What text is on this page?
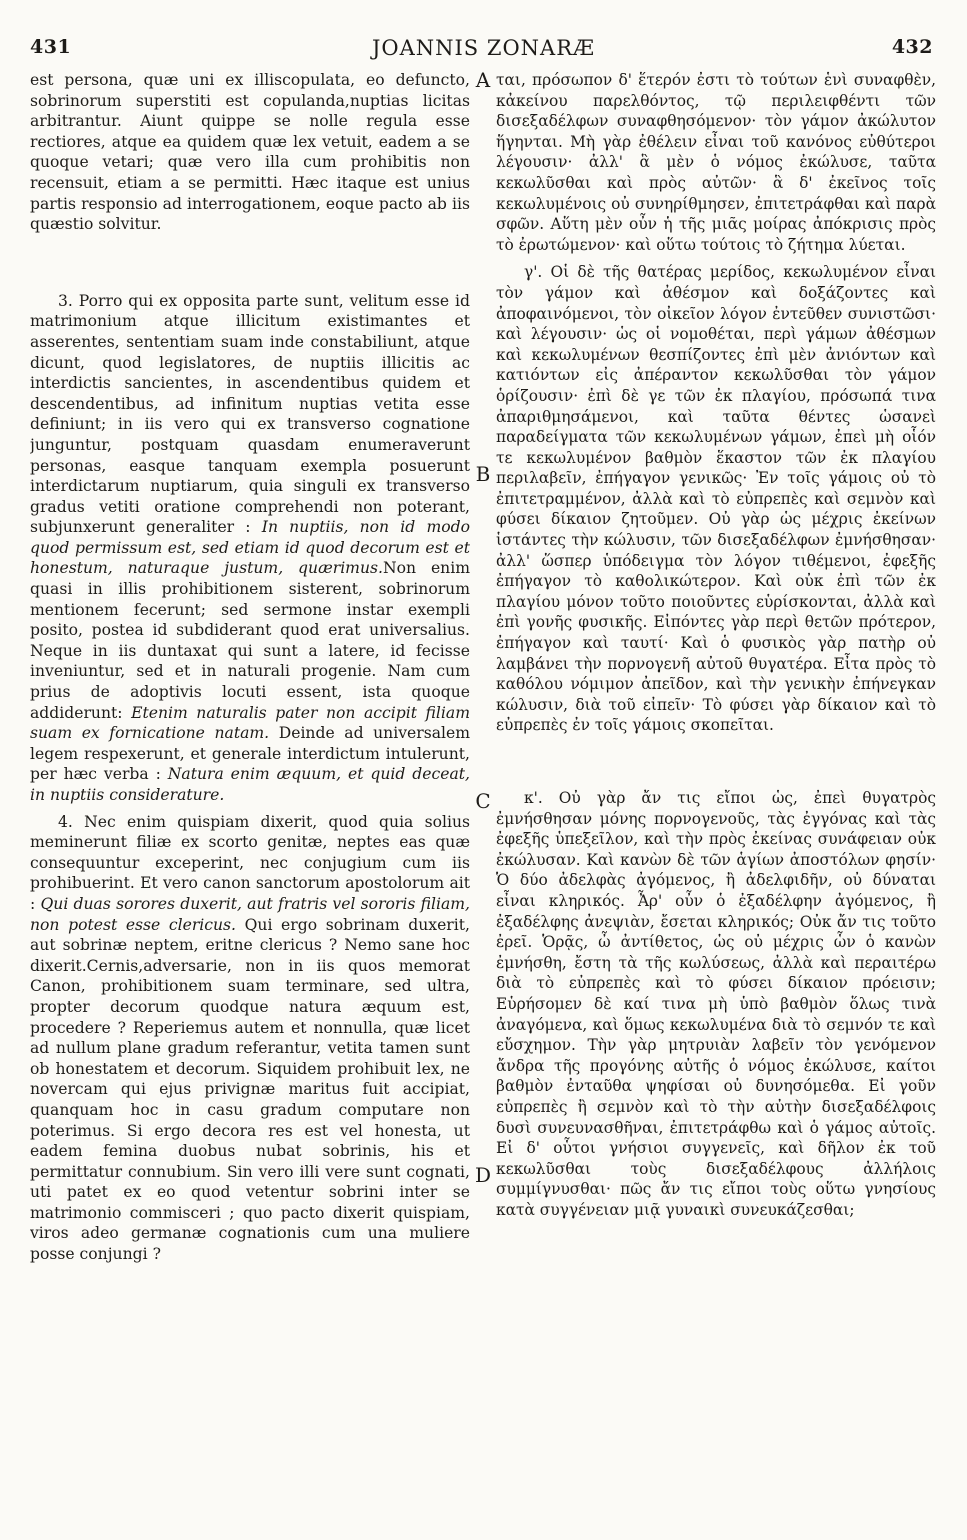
431	JOANNIS ZONARÆ	432

est persona, quæ uni ex illiscopulata, eo defuncto, sobrinorum superstiti est copulanda,nuptias licitas arbitrantur. Aiunt quippe se nolle regula esse rectiores, atque ea quidem quæ lex vetuit, eadem a se quoque vetari; quæ vero illa cum prohibitis non recensuit, etiam a se permitti. Hæc itaque est unius partis responsio ad interrogationem, eoque pacto ab iis quæstio solvitur.

3. Porro qui ex opposita parte sunt, velitum esse id matrimonium atque illicitum existimantes et asserentes, sententiam suam inde constabiliunt, atque dicunt, quod legislatores, de nuptiis illicitis ac interdictis sancientes, in ascendentibus quidem et descendentibus, ad infinitum nuptias vetita esse definiunt; in iis vero qui ex transverso cognatione junguntur, postquam quasdam enumeraverunt personas, easque tanquam exempla posuerunt interdictarum nuptiarum, quia singuli ex transverso gradus vetiti oratione comprehendi non poterant, subjunxerunt generaliter : In nuptiis, non id modo quod permissum est, sed etiam id quod decorum est et honestum, naturaque justum, quærimus.Non enim quasi in illis prohibitionem sisterent, sobrinorum mentionem fecerunt; sed sermone instar exempli posito, postea id subdiderant quod erat universalius. Neque in iis duntaxat qui sunt a latere, id fecisse inveniuntur, sed et in naturali progenie. Nam cum prius de adoptivis locuti essent, ista quoque addiderunt: Etenim naturalis pater non accipit filiam suam ex fornicatione natam. Deinde ad universalem legem respexerunt, et generale interdictum intulerunt, per hæc verba : Natura enim æquum, et quid deceat, in nuptiis considerature.

4. Nec enim quispiam dixerit, quod quia solius meminerunt filiæ ex scorto genitæ, neptes eas quæ consequuntur exceperint, nec conjugium cum iis prohibuerint. Et vero canon sanctorum apostolorum ait : Qui duas sorores duxerit, aut fratris vel sororis filiam, non potest esse clericus. Qui ergo sobrinam duxerit, aut sobrinæ neptem, eritne clericus ? Nemo sane hoc dixerit.Cernis,adversarie, non in iis quos memorat Canon, prohibitionem suam terminare, sed ultra, propter decorum quodque natura æquum est, procedere ? Reperiemus autem et nonnulla, quæ licet ad nullum plane gradum referantur, vetita tamen sunt ob honestatem et decorum. Siquidem prohibuit lex, ne novercam qui ejus privignæ maritus fuit accipiat, quanquam hoc in casu gradum computare non poterimus. Si ergo decora res est vel honesta, ut eadem femina duobus nubat sobrinis, his et permittatur connubium. Sin vero illi vere sunt cognati, uti patet ex eo quod vetentur sobrini inter se matrimonio commisceri ; quo pacto dixerit quispiam, viros adeo germanæ cognationis cum una muliere posse conjungi ?

A
B
C
D

ται, πρόσωπον δ' ἕτερόν ἐστι τὸ τούτων ἑνὶ συναφθὲν, κἀκείνου παρελθόντος, τῷ περιλειφθέντι τῶν δισεξαδέλφων συναφθησόμενον· τὸν γάμον ἀκώλυτον ἥγηνται. Μὴ γὰρ ἐθέλειν εἶναι τοῦ κανόνος εὐθύτεροι λέγουσιν· ἀλλ' ἃ μὲν ὁ νόμος ἐκώλυσε, ταῦτα κεκωλῦσθαι καὶ πρὸς αὐτῶν· ἃ δ' ἐκεῖνος τοῖς κεκωλυμένοις οὐ συνηρίθμησεν, ἐπιτετράφθαι καὶ παρὰ σφῶν. Αὕτη μὲν οὖν ἡ τῆς μιᾶς μοίρας ἀπόκρισις πρὸς τὸ ἐρωτώμενον· καὶ οὕτω τούτοις τὸ ζήτημα λύεται.

γ'. Οἱ δὲ τῆς θατέρας μερίδος, κεκωλυμένον εἶναι τὸν γάμον καὶ ἀθέσμον καὶ δοξάζοντες καὶ ἀποφαινόμενοι, τὸν οἰκεῖον λόγον ἐντεῦθεν συνιστῶσι· καὶ λέγουσιν· ὡς οἱ νομοθέται, περὶ γάμων ἀθέσμων καὶ κεκωλυμένων θεσπίζοντες ἐπὶ μὲν ἀνιόντων καὶ κατιόντων εἰς ἀπέραντον κεκωλῦσθαι τὸν γάμον ὁρίζουσιν· ἐπὶ δὲ γε τῶν ἐκ πλαγίου, πρόσωπά τινα ἀπαριθμησάμενοι, καὶ ταῦτα θέντες ὡσανεὶ παραδείγματα τῶν κεκωλυμένων γάμων, ἐπεὶ μὴ οἷόν τε κεκωλυμένον βαθμὸν ἕκαστον τῶν ἐκ πλαγίου περιλαβεῖν, ἐπήγαγον γενικῶς· Ἐν τοῖς γάμοις οὐ τὸ ἐπιτετραμμένον, ἀλλὰ καὶ τὸ εὐπρεπὲς καὶ σεμνὸν καὶ φύσει δίκαιον ζητοῦμεν. Οὐ γὰρ ὡς μέχρις ἐκείνων ἱστάντες τὴν κώλυσιν, τῶν δισεξαδέλφων ἐμνήσθησαν· ἀλλ' ὥσπερ ὑπόδειγμα τὸν λόγον τιθέμενοι, ἐφεξῆς ἐπήγαγον τὸ καθολικώτερον. Καὶ οὐκ ἐπὶ τῶν ἐκ πλαγίου μόνον τοῦτο ποιοῦντες εὑρίσκονται, ἀλλὰ καὶ ἐπὶ γονῆς φυσικῆς. Εἰπόντες γὰρ περὶ θετῶν πρότερον, ἐπήγαγον καὶ ταυτί· Καὶ ὁ φυσικὸς γὰρ πατὴρ οὐ λαμβάνει τὴν πορνογενῆ αὐτοῦ θυγατέρα. Εἶτα πρὸς τὸ καθόλου νόμιμον ἀπεῖδον, καὶ τὴν γενικὴν ἐπήνεγκαν κώλυσιν, διὰ τοῦ εἰπεῖν· Τὸ φύσει γὰρ δίκαιον καὶ τὸ εὐπρεπὲς ἐν τοῖς γάμοις σκοπεῖται.

κ'. Οὐ γὰρ ἄν τις εἴποι ὡς, ἐπεὶ θυγατρὸς ἐμνήσθησαν μόνης πορνογενοῦς, τὰς ἐγγόνας καὶ τὰς ἐφεξῆς ὑπεξεῖλον, καὶ τὴν πρὸς ἐκείνας συνάφειαν οὐκ ἐκώλυσαν. Καὶ κανὼν δὲ τῶν ἁγίων ἀποστόλων φησίν· Ὁ δύο ἀδελφὰς ἀγόμενος, ἢ ἀδελφιδῆν, οὐ δύναται εἶναι κληρικός. Ἆρ' οὖν ὁ ἐξαδέλφην ἀγόμενος, ἢ ἐξαδέλφης ἀνεψιὰν, ἔσεται κληρικός; Οὐκ ἄν τις τοῦτο ἐρεῖ. Ὁρᾷς, ὦ ἀντίθετος, ὡς οὐ μέχρις ὧν ὁ κανὼν ἐμνήσθη, ἔστη τὰ τῆς κωλύσεως, ἀλλὰ καὶ περαιτέρω διὰ τὸ εὐπρεπὲς καὶ τὸ φύσει δίκαιον πρόεισιν; Εὑρήσομεν δὲ καί τινα μὴ ὑπὸ βαθμὸν ὅλως τινὰ ἀναγόμενα, καὶ ὅμως κεκωλυμένα διὰ τὸ σεμνόν τε καὶ εὔσχημον. Τὴν γὰρ μητρυιὰν λαβεῖν τὸν γενόμενον ἄνδρα τῆς προγόνης αὐτῆς ὁ νόμος ἐκώλυσε, καίτοι βαθμὸν ἐνταῦθα ψηφίσαι οὐ δυνησόμεθα. Εἰ γοῦν εὐπρεπὲς ἢ σεμνὸν καὶ τὸ τὴν αὐτὴν δισεξαδέλφοις δυσὶ συνευνασθῆναι, ἐπιτετράφθω καὶ ὁ γάμος αὐτοῖς. Εἰ δ' οὗτοι γνήσιοι συγγενεῖς, καὶ δῆλον ἐκ τοῦ κεκωλῦσθαι τοὺς δισεξαδέλφους ἀλλήλοις συμμίγνυσθαι· πῶς ἄν τις εἴποι τοὺς οὕτω γνησίους κατὰ συγγένειαν μιᾷ γυναικὶ συνευκάζεσθαι;
